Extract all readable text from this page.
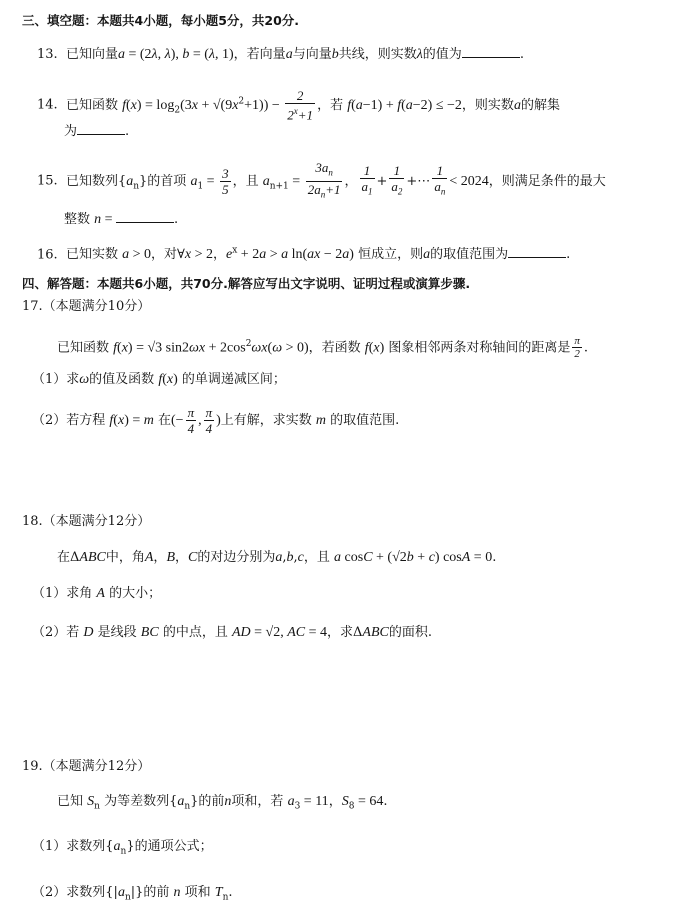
三、填空题：本题共4小题，每小题5分，共20分.
13.  已知向量a = (2λ, λ), b = (λ, 1)，若向量a与向量b共线，则实数λ的值为	.
14.  已知函数 $f(x) = \log_2(3x + √(9x^2+1)) - \frac{2}{2^x+1}$ ，若 f(a−1) + f(a−2) ≤ −2，则实数a的解集
为	.
15.  已知数列$\{a_n\}$的首项 $a_1 = \frac{3}{5}$ ，且 $a_{n+1} = \frac{3a_n}{2a_n+1}$ ， $\frac{1}{a_1} + \frac{1}{a_2}$ +⋯ $\frac{1}{a_n} < 2024$，则满足条件的最大
整数 n =	.
16.  已知实数 a > 0，对∀x > 2，$e^x + 2a > a$ ln(ax − 2a) 恒成立，则a的取值范围为	.
四、解答题：本题共6小题，共70分.解答应写出文字说明、证明过程或演算步骤.
17.（本题满分10分）
已知函数 f(x) = √3 $\sin 2\omega x + 2\cos^2\omega x(\omega > 0)$，若函数 f(x) 图象相邻两条对称轴间的距离是 $\frac{\pi}{2}$ .
（1）求ω的值及函数 f(x) 的单调递减区间；
（2）若方程 f(x) = m 在(− $\frac{\pi}{4}$ , $\frac{\pi}{4}$ )上有解，求实数 m 的取值范围.
18.（本题满分12分）
在ΔABC中，角A，B，C的对边分别为a,b,c，且 a cosC + (√2b + c) cosA = 0.
（1）求角 A 的大小；
（2）若 D 是线段 BC 的中点，且 AD = √2, AC = 4，求ΔABC的面积.
19.（本题满分12分）
已知 $S_n$ 为等差数列$\{a_n\}$的前n项和，若 $a_3 = 11$，$S_8 = 64$.
（1）求数列$\{a_n\}$的通项公式；
（2）求数列$\{|a_n|\}$的前 n 项和 $T_n$.
